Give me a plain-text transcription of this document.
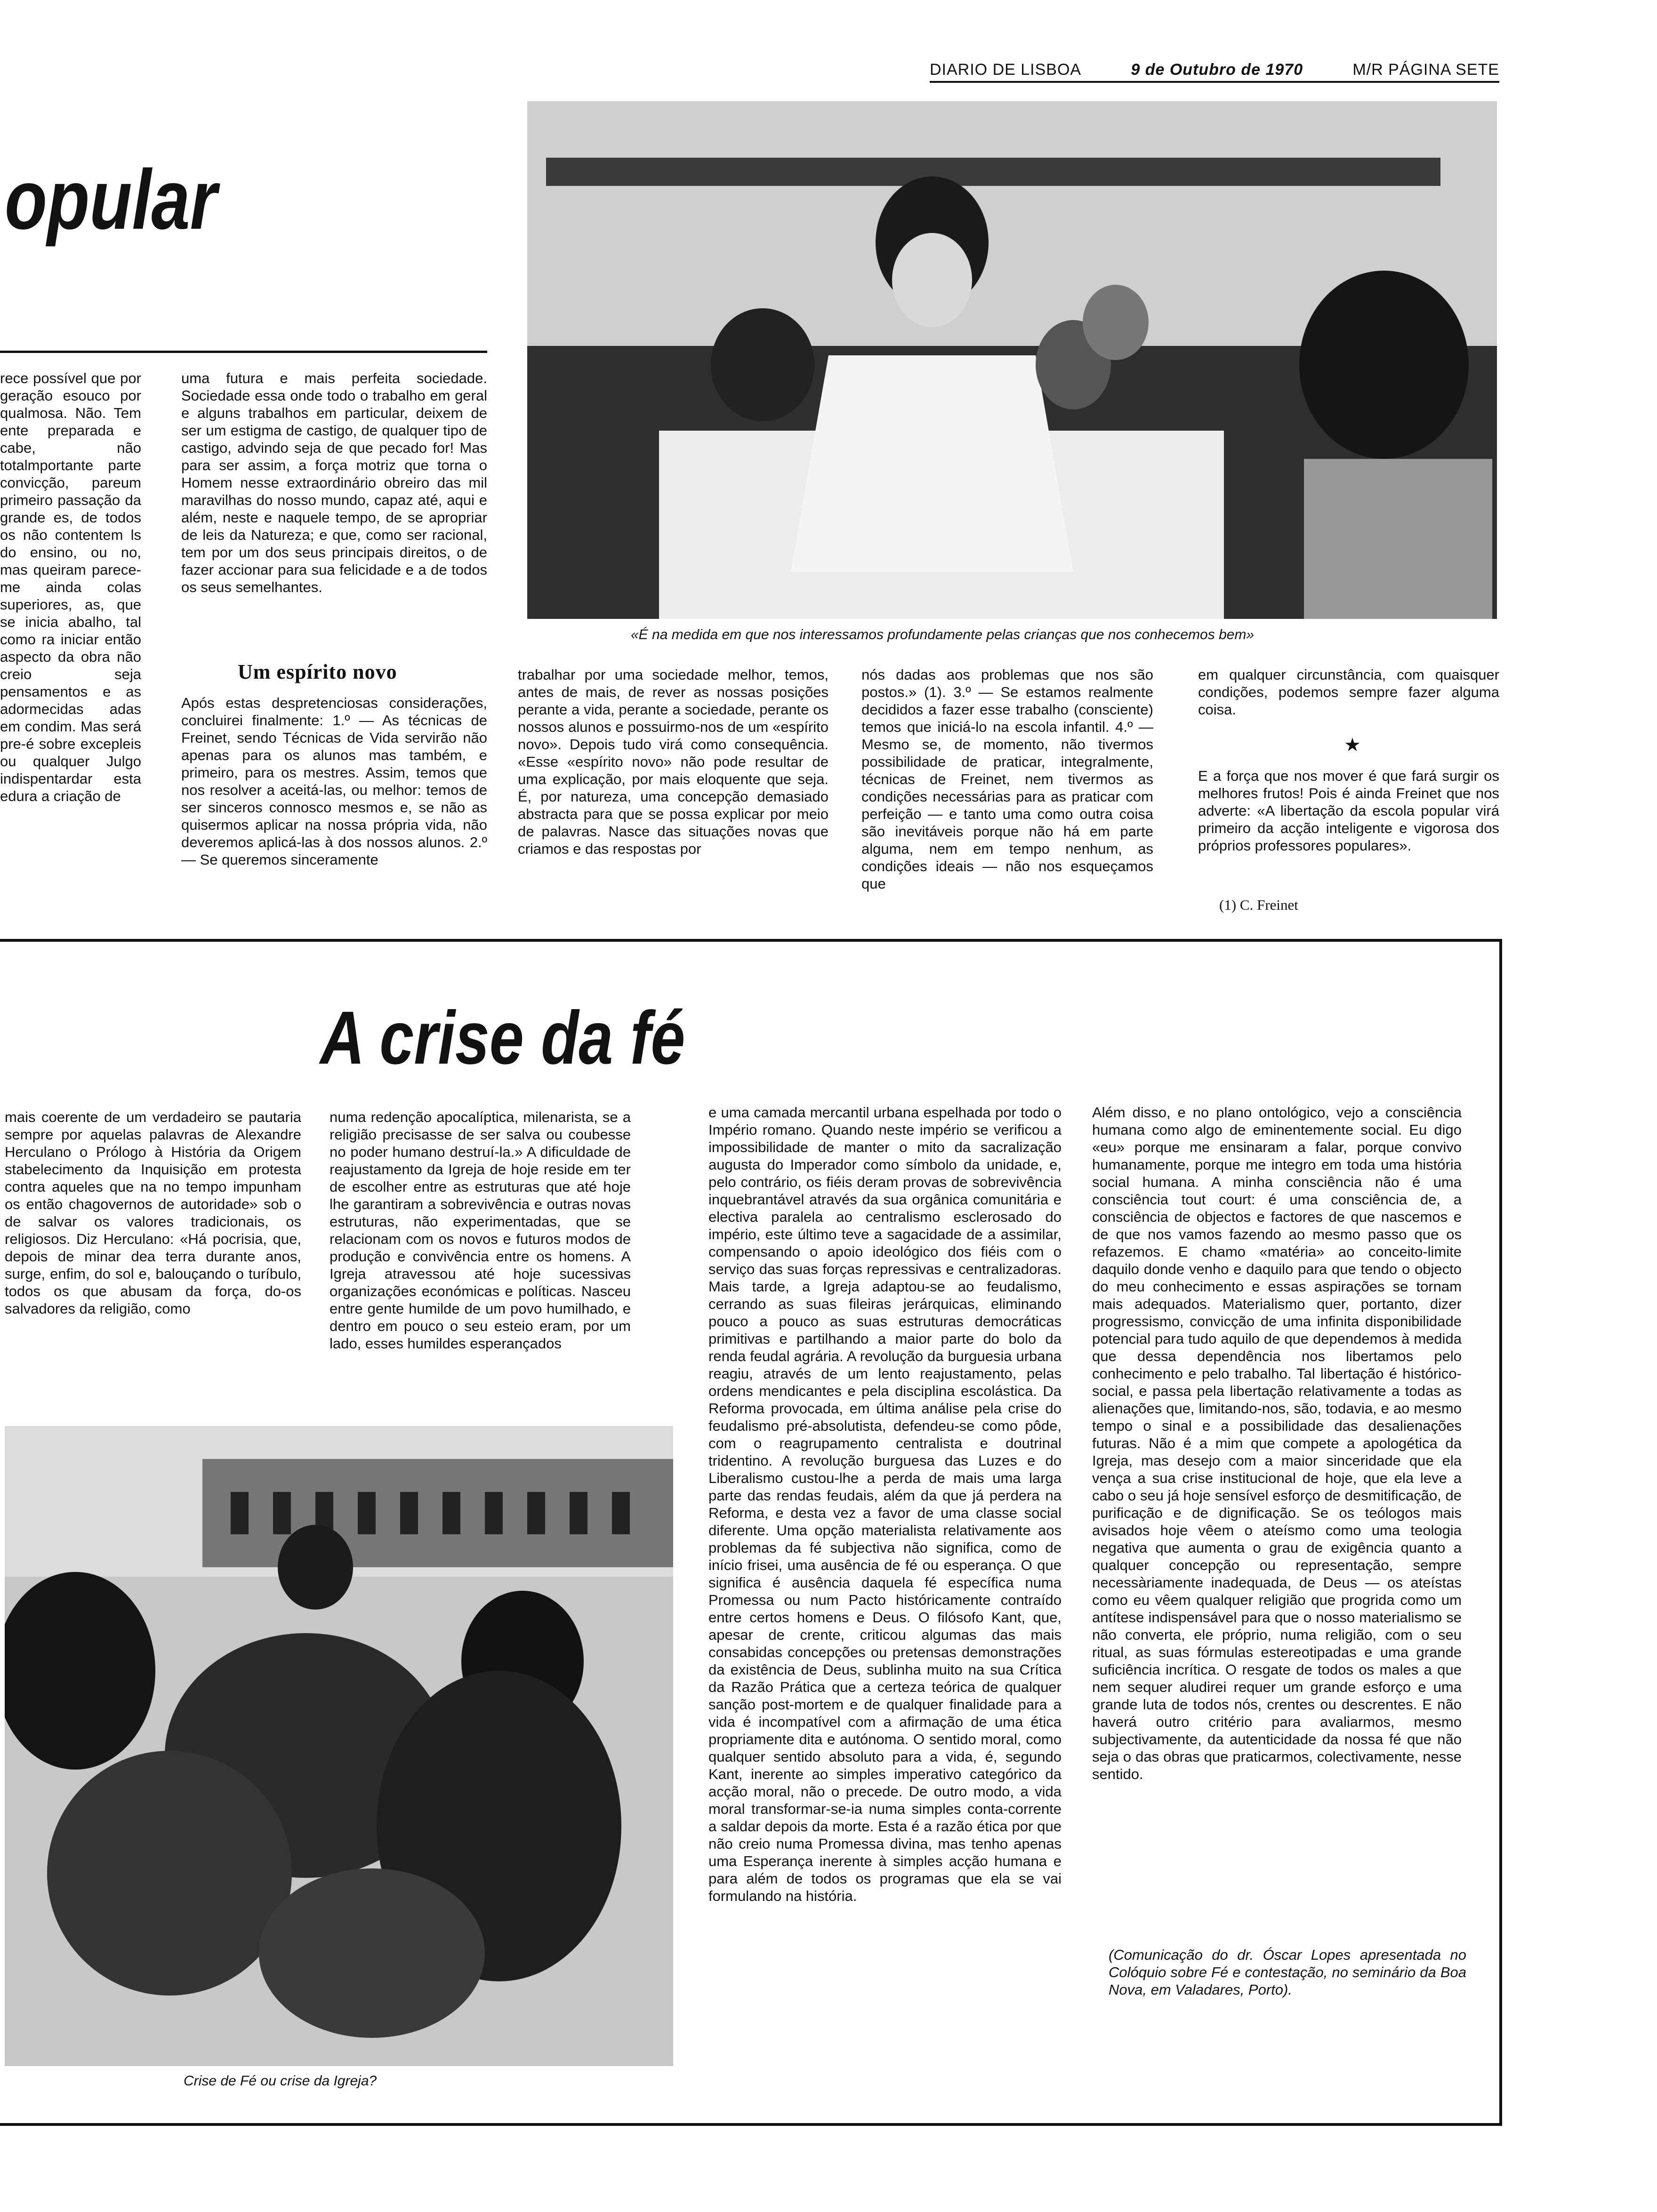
DIARIO DE LISBOA	9 de Outubro de 1970	M/R PÁGINA SETE
opular
«É na medida em que nos interessamos profundamente pelas crianças que nos conhecemos bem»
rece possível que por geração esouco por qualmosa. Não. Tem ente preparada e cabe, não totalmportante parte convicção, pareum primeiro passação da grande es, de todos os não contentem ls do ensino, ou no, mas queiram parece-me ainda colas superiores, as, que se inicia abalho, tal como ra iniciar então aspecto da obra não creio seja pensamentos e as adormecidas adas em condim. Mas será pre-é sobre excepleis ou qualquer Julgo indispentardar esta edura a criação de
uma futura e mais perfeita sociedade. Sociedade essa onde todo o trabalho em geral e alguns trabalhos em particular, deixem de ser um estigma de castigo, de qualquer tipo de castigo, advindo seja de que pecado for! Mas para ser assim, a força motriz que torna o Homem nesse extraordinário obreiro das mil maravilhas do nosso mundo, capaz até, aqui e além, neste e naquele tempo, de se apropriar de leis da Natureza; e que, como ser racional, tem por um dos seus principais direitos, o de fazer accionar para sua felicidade e a de todos os seus semelhantes.
Um espírito novo
Após estas despretenciosas considerações, concluirei finalmente: 1.º — As técnicas de Freinet, sendo Técnicas de Vida servirão não apenas para os alunos mas também, e primeiro, para os mestres. Assim, temos que nos resolver a aceitá-las, ou melhor: temos de ser sinceros connosco mesmos e, se não as quisermos aplicar na nossa própria vida, não deveremos aplicá-las à dos nossos alunos. 2.º — Se queremos sinceramente
trabalhar por uma sociedade melhor, temos, antes de mais, de rever as nossas posições perante a vida, perante a sociedade, perante os nossos alunos e possuirmo-nos de um «espírito novo». Depois tudo virá como consequência. «Esse «espírito novo» não pode resultar de uma explicação, por mais eloquente que seja. É, por natureza, uma concepção demasiado abstracta para que se possa explicar por meio de palavras. Nasce das situações novas que criamos e das respostas por
nós dadas aos problemas que nos são postos.» (1). 3.º — Se estamos realmente decididos a fazer esse trabalho (consciente) temos que iniciá-lo na escola infantil. 4.º — Mesmo se, de momento, não tivermos possibilidade de praticar, integralmente, técnicas de Freinet, nem tivermos as condições necessárias para as praticar com perfeição — e tanto uma como outra coisa são inevitáveis porque não há em parte alguma, nem em tempo nenhum, as condições ideais — não nos esqueçamos que
em qualquer circunstância, com quaisquer condições, podemos sempre fazer alguma coisa.
★
E a força que nos mover é que fará surgir os melhores frutos! Pois é ainda Freinet que nos adverte: «A libertação da escola popular virá primeiro da acção inteligente e vigorosa dos próprios professores populares».
(1) C. Freinet
A crise da fé
mais coerente de um verdadeiro se pautaria sempre por aquelas palavras de Alexandre Herculano o Prólogo à História da Origem stabelecimento da Inquisição em protesta contra aqueles que na no tempo impunham os então chagovernos de autoridade» sob o de salvar os valores tradicionais, os religiosos. Diz Herculano: «Há pocrisia, que, depois de minar dea terra durante anos, surge, enfim, do sol e, balouçando o turíbulo, todos os que abusam da força, do-os salvadores da religião, como
numa redenção apocalíptica, milenarista, se a religião precisasse de ser salva ou coubesse no poder humano destruí-la.» A dificuldade de reajustamento da Igreja de hoje reside em ter de escolher entre as estruturas que até hoje lhe garantiram a sobrevivência e outras novas estruturas, não experimentadas, que se relacionam com os novos e futuros modos de produção e convivência entre os homens. A Igreja atravessou até hoje sucessivas organizações económicas e políticas. Nasceu entre gente humilde de um povo humilhado, e dentro em pouco o seu esteio eram, por um lado, esses humildes esperançados
e uma camada mercantil urbana espelhada por todo o Império romano. Quando neste império se verificou a impossibilidade de manter o mito da sacralização augusta do Imperador como símbolo da unidade, e, pelo contrário, os fiéis deram provas de sobrevivência inquebrantável através da sua orgânica comunitária e electiva paralela ao centralismo esclerosado do império, este último teve a sagacidade de a assimilar, compensando o apoio ideológico dos fiéis com o serviço das suas forças repressivas e centralizadoras. Mais tarde, a Igreja adaptou-se ao feudalismo, cerrando as suas fileiras jerárquicas, eliminando pouco a pouco as suas estruturas democráticas primitivas e partilhando a maior parte do bolo da renda feudal agrária. A revolução da burguesia urbana reagiu, através de um lento reajustamento, pelas ordens mendicantes e pela disciplina escolástica. Da Reforma provocada, em última análise pela crise do feudalismo pré-absolutista, defendeu-se como pôde, com o reagrupamento centralista e doutrinal tridentino. A revolução burguesa das Luzes e do Liberalismo custou-lhe a perda de mais uma larga parte das rendas feudais, além da que já perdera na Reforma, e desta vez a favor de uma classe social diferente. Uma opção materialista relativamente aos problemas da fé subjectiva não significa, como de início frisei, uma ausência de fé ou esperança. O que significa é ausência daquela fé específica numa Promessa ou num Pacto históricamente contraído entre certos homens e Deus. O filósofo Kant, que, apesar de crente, criticou algumas das mais consabidas concepções ou pretensas demonstrações da existência de Deus, sublinha muito na sua Crítica da Razão Prática que a certeza teórica de qualquer sanção post-mortem e de qualquer finalidade para a vida é incompatível com a afirmação de uma ética propriamente dita e autónoma. O sentido moral, como qualquer sentido absoluto para a vida, é, segundo Kant, inerente ao simples imperativo categórico da acção moral, não o precede. De outro modo, a vida moral transformar-se-ia numa simples conta-corrente a saldar depois da morte. Esta é a razão ética por que não creio numa Promessa divina, mas tenho apenas uma Esperança inerente à simples acção humana e para além de todos os programas que ela se vai formulando na história.
Além disso, e no plano ontológico, vejo a consciência humana como algo de eminentemente social. Eu digo «eu» porque me ensinaram a falar, porque convivo humanamente, porque me integro em toda uma história social humana. A minha consciência não é uma consciência tout court: é uma consciência de, a consciência de objectos e factores de que nascemos e de que nos vamos fazendo ao mesmo passo que os refazemos. E chamo «matéria» ao conceito-limite daquilo donde venho e daquilo para que tendo o objecto do meu conhecimento e essas aspirações se tornam mais adequados. Materialismo quer, portanto, dizer progressismo, convicção de uma infinita disponibilidade potencial para tudo aquilo de que dependemos à medida que dessa dependência nos libertamos pelo conhecimento e pelo trabalho. Tal libertação é histórico-social, e passa pela libertação relativamente a todas as alienações que, limitando-nos, são, todavia, e ao mesmo tempo o sinal e a possibilidade das desalienações futuras. Não é a mim que compete a apologética da Igreja, mas desejo com a maior sinceridade que ela vença a sua crise institucional de hoje, que ela leve a cabo o seu já hoje sensível esforço de desmitificação, de purificação e de dignificação. Se os teólogos mais avisados hoje vêem o ateísmo como uma teologia negativa que aumenta o grau de exigência quanto a qualquer concepção ou representação, sempre necessàriamente inadequada, de Deus — os ateístas como eu vêem qualquer religião que progrida como um antítese indispensável para que o nosso materialismo se não converta, ele próprio, numa religião, com o seu ritual, as suas fórmulas estereotipadas e uma grande suficiência incrítica. O resgate de todos os males a que nem sequer aludirei requer um grande esforço e uma grande luta de todos nós, crentes ou descrentes. E não haverá outro critério para avaliarmos, mesmo subjectivamente, da autenticidade da nossa fé que não seja o das obras que praticarmos, colectivamente, nesse sentido.
(Comunicação do dr. Óscar Lopes apresentada no Colóquio sobre Fé e contestação, no seminário da Boa Nova, em Valadares, Porto).
Crise de Fé ou crise da Igreja?
